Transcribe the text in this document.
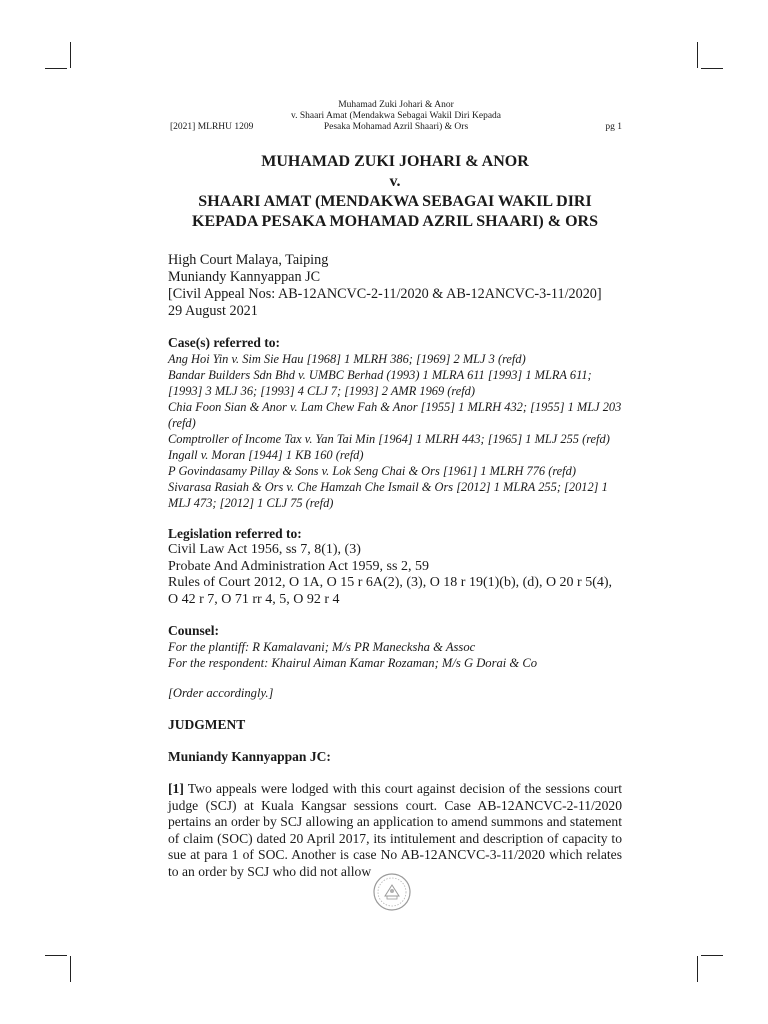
Muhamad Zuki Johari & Anor
v. Shaari Amat (Mendakwa Sebagai Wakil Diri Kepada
Pesaka Mohamad Azril Shaari) & Ors
[2021] MLRHU 1209	pg 1

MUHAMAD ZUKI JOHARI & ANOR

v.

SHAARI AMAT (MENDAKWA SEBAGAI WAKIL DIRI

KEPADA PESAKA MOHAMAD AZRIL SHAARI) & ORS

High Court Malaya, Taiping
Muniandy Kannyappan JC
[Civil Appeal Nos: AB-12ANCVC-2-11/2020 & AB-12ANCVC-3-11/2020]
29 August 2021
Case(s) referred to:
Ang Hoi Yin v. Sim Sie Hau [1968] 1 MLRH 386; [1969] 2 MLJ 3 (refd)
Bandar Builders Sdn Bhd v. UMBC Berhad (1993) 1 MLRA 611 [1993] 1 MLRA 611; [1993] 3 MLJ 36; [1993] 4 CLJ 7; [1993] 2 AMR 1969 (refd)
Chia Foon Sian & Anor v. Lam Chew Fah & Anor [1955] 1 MLRH 432; [1955] 1 MLJ 203 (refd)
Comptroller of Income Tax v. Yan Tai Min [1964] 1 MLRH 443; [1965] 1 MLJ 255 (refd)
Ingall v. Moran [1944] 1 KB 160 (refd)
P Govindasamy Pillay & Sons v. Lok Seng Chai & Ors [1961] 1 MLRH 776 (refd)
Sivarasa Rasiah & Ors v. Che Hamzah Che Ismail & Ors [2012] 1 MLRA 255; [2012] 1 MLJ 473; [2012] 1 CLJ 75 (refd)
Legislation referred to:
Civil Law Act 1956, ss 7, 8(1), (3)
Probate And Administration Act 1959, ss 2, 59
Rules of Court 2012, O 1A, O 15 r 6A(2), (3), O 18 r 19(1)(b), (d), O 20 r 5(4), O 42 r 7, O 71 rr 4, 5, O 92 r 4
Counsel:
For the plantiff: R Kamalavani; M/s PR Manecksha & Assoc
For the respondent: Khairul Aiman Kamar Rozaman; M/s G Dorai & Co
[Order accordingly.]
JUDGMENT
Muniandy Kannyappan JC:
[1] Two appeals were lodged with this court against decision of the sessions court judge (SCJ) at Kuala Kangsar sessions court. Case AB-12ANCVC-2-11/2020 pertains an order by SCJ allowing an application to amend summons and statement of claim (SOC) dated 20 April 2017, its intitulement and description of capacity to sue at para 1 of SOC. Another is case No AB-12ANCVC-3-11/2020 which relates to an order by SCJ who did not allow
